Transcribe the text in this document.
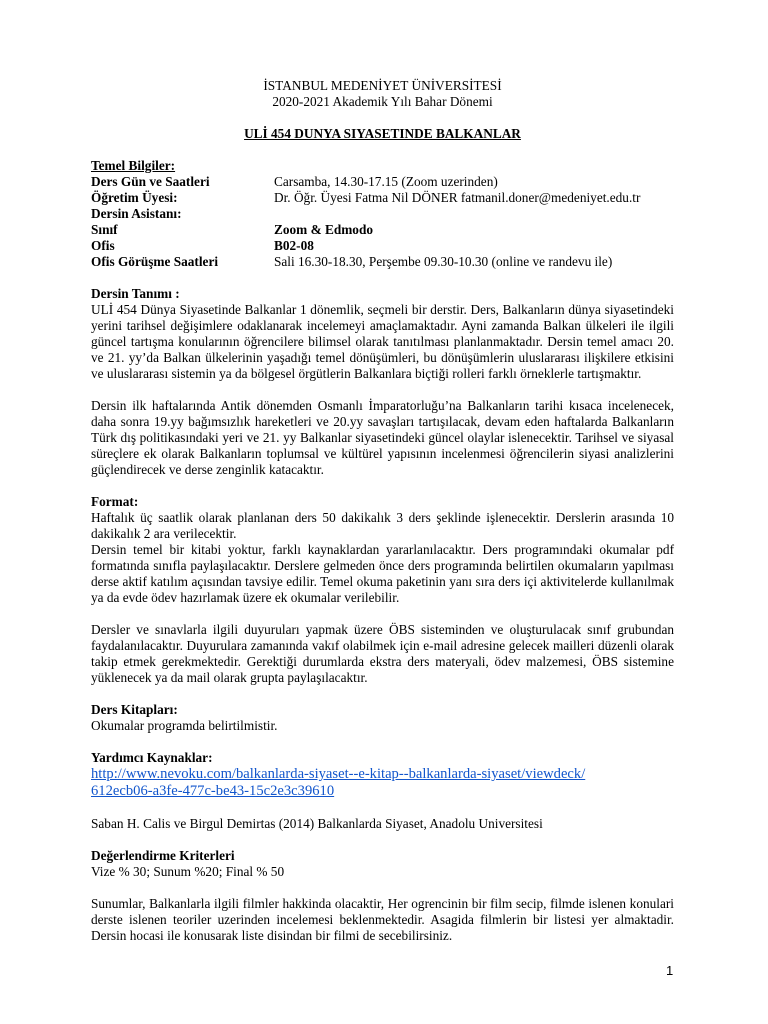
İSTANBUL MEDENİYET ÜNİVERSİTESİ
2020-2021 Akademik Yılı Bahar Dönemi
ULİ 454 DUNYA SIYASETINDE BALKANLAR
Temel Bilgiler:
Ders Gün ve Saatleri	Carsamba, 14.30-17.15 (Zoom uzerinden)
Öğretim Üyesi:	Dr. Öğr. Üyesi Fatma Nil DÖNER fatmanil.doner@medeniyet.edu.tr
Dersin Asistanı:
Sınıf	Zoom & Edmodo
Ofis	B02-08
Ofis Görüşme Saatleri	Sali 16.30-18.30, Perşembe 09.30-10.30 (online ve randevu ile)
Dersin Tanımı :
ULİ 454 Dünya Siyasetinde Balkanlar 1 dönemlik, seçmeli bir derstir. Ders, Balkanların dünya siyasetindeki yerini tarihsel değişimlere odaklanarak incelemeyi amaçlamaktadır. Ayni zamanda Balkan ülkeleri ile ilgili güncel tartışma konularının öğrencilere bilimsel olarak tanıtılması planlanmaktadır. Dersin temel amacı 20. ve 21. yy’da Balkan ülkelerinin yaşadığı temel dönüşümleri, bu dönüşümlerin uluslararası ilişkilere etkisini ve uluslararası sistemin ya da bölgesel örgütlerin Balkanlara biçtiği rolleri farklı örneklerle tartışmaktır.
Dersin ilk haftalarında Antik dönemden Osmanlı İmparatorluğu’na Balkanların tarihi kısaca incelenecek, daha sonra 19.yy bağımsızlık hareketleri ve 20.yy savaşları tartışılacak, devam eden haftalarda Balkanların Türk dış politikasındaki yeri ve 21. yy Balkanlar siyasetindeki güncel olaylar islenecektir. Tarihsel ve siyasal süreçlere ek olarak Balkanların toplumsal ve kültürel yapısının incelenmesi öğrencilerin siyasi analizlerini güçlendirecek ve derse zenginlik katacaktır.
Format:
Haftalık üç saatlik olarak planlanan ders 50 dakikalık 3 ders şeklinde işlenecektir. Derslerin arasında 10 dakikalık 2 ara verilecektir.
Dersin temel bir kitabi yoktur, farklı kaynaklardan yararlanılacaktır. Ders programındaki okumalar pdf formatında sınıfla paylaşılacaktır. Derslere gelmeden önce ders programında belirtilen okumaların yapılması derse aktif katılım açısından tavsiye edilir. Temel okuma paketinin yanı sıra ders içi aktivitelerde kullanılmak ya da evde ödev hazırlamak üzere ek okumalar verilebilir.
Dersler ve sınavlarla ilgili duyuruları yapmak üzere ÖBS sisteminden ve oluşturulacak sınıf grubundan faydalanılacaktır. Duyurulara zamanında vakıf olabilmek için e-mail adresine gelecek mailleri düzenli olarak takip etmek gerekmektedir. Gerektiği durumlarda ekstra ders materyali, ödev malzemesi, ÖBS sistemine yüklenecek ya da mail olarak grupta paylaşılacaktır.
Ders Kitapları:
Okumalar programda belirtilmistir.
Yardımcı Kaynaklar:
http://www.nevoku.com/balkanlarda-siyaset--e-kitap--balkanlarda-siyaset/viewdeck/
612ecb06-a3fe-477c-be43-15c2e3c39610
Saban H. Calis ve Birgul Demirtas (2014) Balkanlarda Siyaset, Anadolu Universitesi
Değerlendirme Kriterleri
Vize % 30; Sunum %20; Final % 50
Sunumlar, Balkanlarla ilgili filmler hakkinda olacaktir, Her ogrencinin bir film secip, filmde islenen konulari derste islenen teoriler uzerinden incelemesi beklenmektedir. Asagida filmlerin bir listesi yer almaktadir. Dersin hocasi ile konusarak liste disindan bir filmi de secebilirsiniz.
1
